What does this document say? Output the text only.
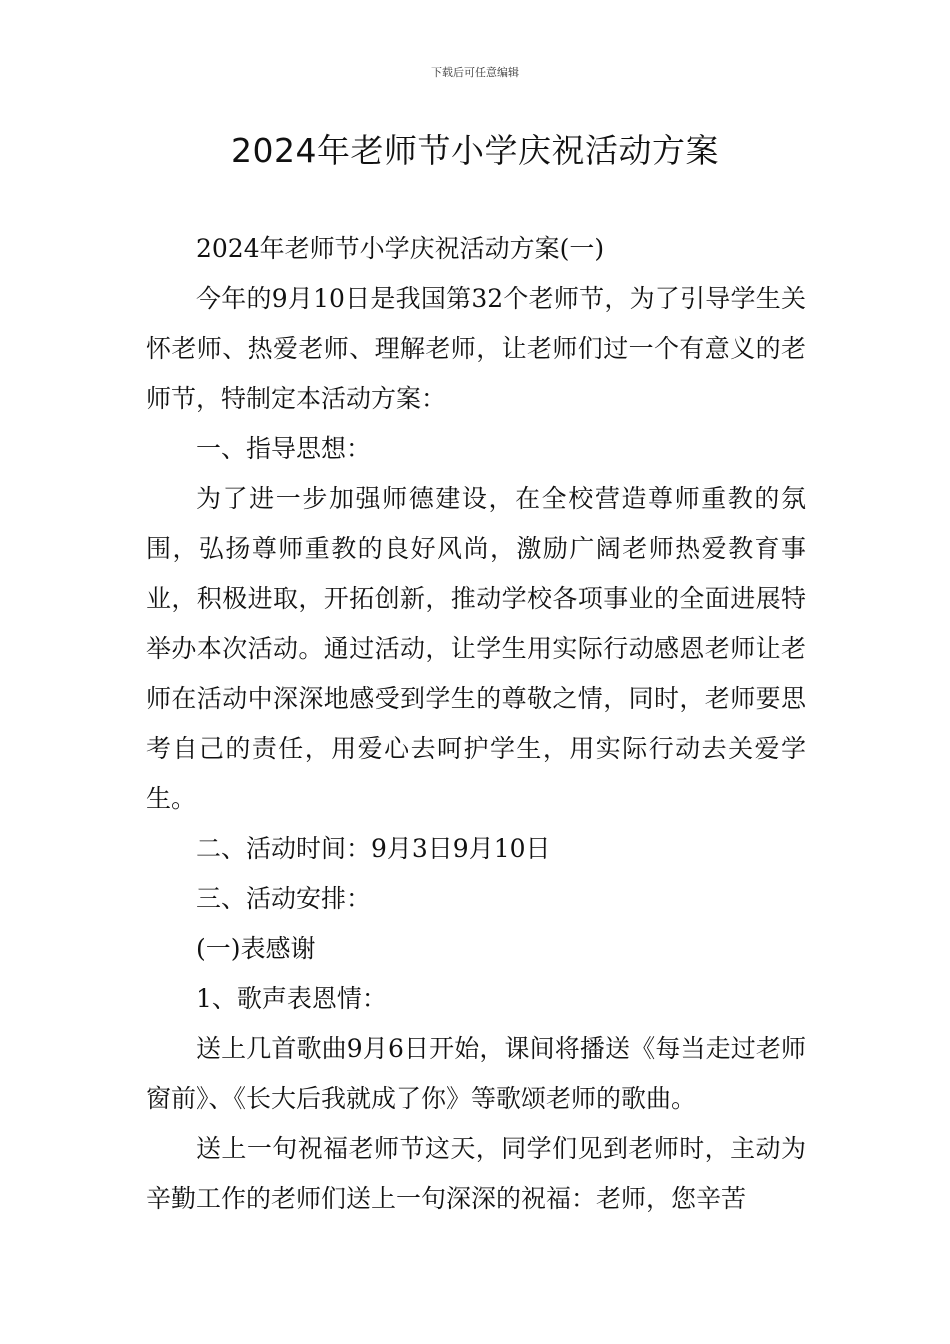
下载后可任意编辑
2024年老师节小学庆祝活动方案

2024年老师节小学庆祝活动方案(一)

今年的9月10日是我国第32个老师节，为了引导学生关怀老师、热爱老师、理解老师，让老师们过一个有意义的老师节，特制定本活动方案：

一、指导思想：

为了进一步加强师德建设，在全校营造尊师重教的氛围，弘扬尊师重教的良好风尚，激励广阔老师热爱教育事业，积极进取，开拓创新，推动学校各项事业的全面进展特举办本次活动。通过活动，让学生用实际行动感恩老师让老师在活动中深深地感受到学生的尊敬之情，同时，老师要思考自己的责任，用爱心去呵护学生，用实际行动去关爱学生。

二、活动时间：9月3日9月10日

三、活动安排：

(一)表感谢

1、歌声表恩情：

送上几首歌曲9月6日开始，课间将播送《每当走过老师窗前》、《长大后我就成了你》等歌颂老师的歌曲。

送上一句祝福老师节这天，同学们见到老师时，主动为辛勤工作的老师们送上一句深深的祝福：老师，您辛苦
